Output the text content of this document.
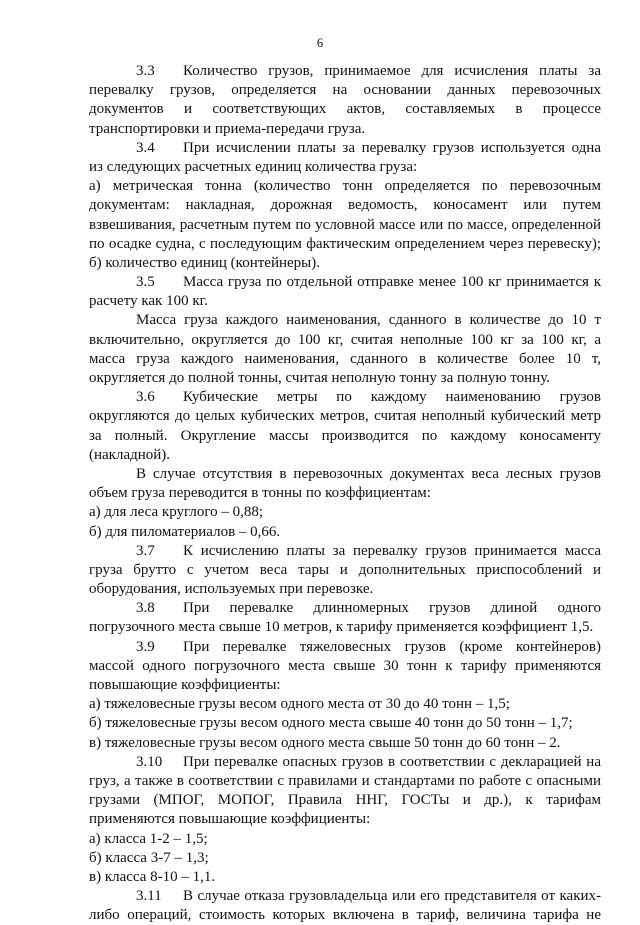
6
3.3 Количество грузов, принимаемое для исчисления платы за
перевалку грузов, определяется на основании данных перевозочных
документов и соответствующих актов, составляемых в процессе
транспортировки и приема-передачи груза.
3.4 При исчислении платы за перевалку грузов используется одна
из следующих расчетных единиц количества груза:
а) метрическая тонна (количество тонн определяется по перевозочным
документам: накладная, дорожная ведомость, коносамент или путем
взвешивания, расчетным путем по условной массе или по массе, определенной
по осадке судна, с последующим фактическим определением через перевеску);
б) количество единиц (контейнеры).
3.5 Масса груза по отдельной отправке менее 100 кг принимается к
расчету как 100 кг.
Масса груза каждого наименования, сданного в количестве до 10 т
включительно, округляется до 100 кг, считая неполные 100 кг за 100 кг, а
масса груза каждого наименования, сданного в количестве более 10 т,
округляется до полной тонны, считая неполную тонну за полную тонну.
3.6 Кубические метры по каждому наименованию грузов
округляются до целых кубических метров, считая неполный кубический метр
за полный. Округление массы производится по каждому коносаменту
(накладной).
В случае отсутствия в перевозочных документах веса лесных грузов
объем груза переводится в тонны по коэффициентам:
а) для леса круглого – 0,88;
б) для пиломатериалов – 0,66.
3.7 К исчислению платы за перевалку грузов принимается масса
груза брутто с учетом веса тары и дополнительных приспособлений и
оборудования, используемых при перевозке.
3.8 При перевалке длинномерных грузов длиной одного
погрузочного места свыше 10 метров, к тарифу применяется коэффициент 1,5.
3.9 При перевалке тяжеловесных грузов (кроме контейнеров)
массой одного погрузочного места свыше 30 тонн к тарифу применяются
повышающие коэффициенты:
а) тяжеловесные грузы весом одного места от 30 до 40 тонн – 1,5;
б) тяжеловесные грузы весом одного места свыше 40 тонн до 50 тонн – 1,7;
в) тяжеловесные грузы весом одного места свыше 50 тонн до 60 тонн – 2.
3.10 При перевалке опасных грузов в соответствии с декларацией на
груз, а также в соответствии с правилами и стандартами по работе с опасными
грузами (МПОГ, МОПОГ, Правила ННГ, ГОСТы и др.), к тарифам
применяются повышающие коэффициенты:
а) класса 1-2 – 1,5;
б) класса 3-7 – 1,3;
в) класса 8-10 – 1,1.
3.11 В случае отказа грузовладельца или его представителя от каких-
либо операций, стоимость которых включена в тариф, величина тарифа не
